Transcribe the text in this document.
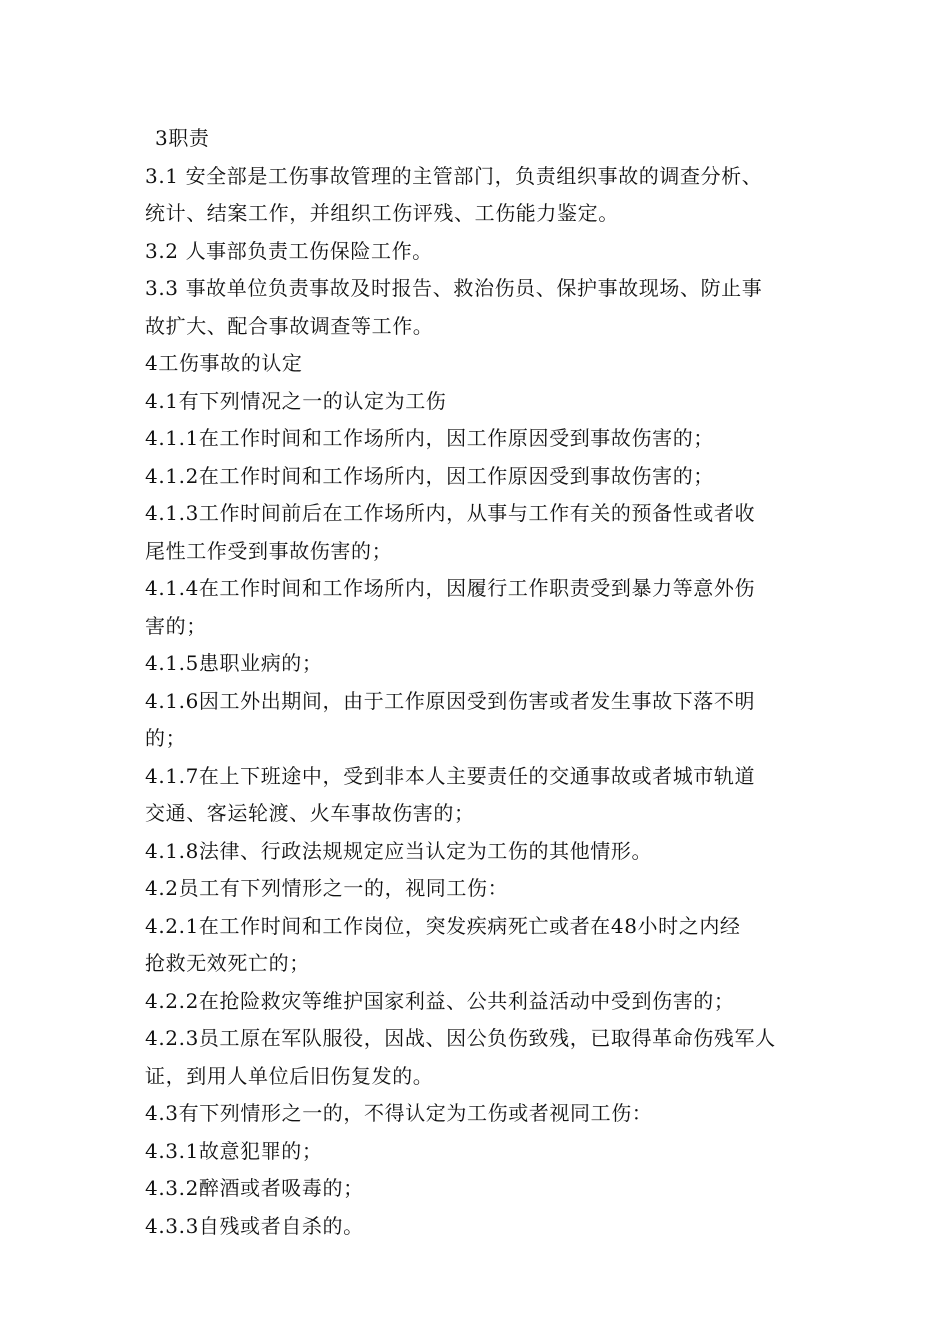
3职责
3.1 安全部是工伤事故管理的主管部门，负责组织事故的调查分析、
统计、结案工作，并组织工伤评残、工伤能力鉴定。
3.2 人事部负责工伤保险工作。
3.3 事故单位负责事故及时报告、救治伤员、保护事故现场、防止事
故扩大、配合事故调查等工作。
4工伤事故的认定
4.1有下列情况之一的认定为工伤
4.1.1在工作时间和工作场所内，因工作原因受到事故伤害的；
4.1.2在工作时间和工作场所内，因工作原因受到事故伤害的；
4.1.3工作时间前后在工作场所内，从事与工作有关的预备性或者收
尾性工作受到事故伤害的；
4.1.4在工作时间和工作场所内，因履行工作职责受到暴力等意外伤
害的；
4.1.5患职业病的；
4.1.6因工外出期间，由于工作原因受到伤害或者发生事故下落不明
的；
4.1.7在上下班途中，受到非本人主要责任的交通事故或者城市轨道
交通、客运轮渡、火车事故伤害的；
4.1.8法律、行政法规规定应当认定为工伤的其他情形。
4.2员工有下列情形之一的，视同工伤：
4.2.1在工作时间和工作岗位，突发疾病死亡或者在48小时之内经
抢救无效死亡的；
4.2.2在抢险救灾等维护国家利益、公共利益活动中受到伤害的；
4.2.3员工原在军队服役，因战、因公负伤致残，已取得革命伤残军人
证，到用人单位后旧伤复发的。
4.3有下列情形之一的，不得认定为工伤或者视同工伤：
4.3.1故意犯罪的；
4.3.2醉酒或者吸毒的；
4.3.3自残或者自杀的。
